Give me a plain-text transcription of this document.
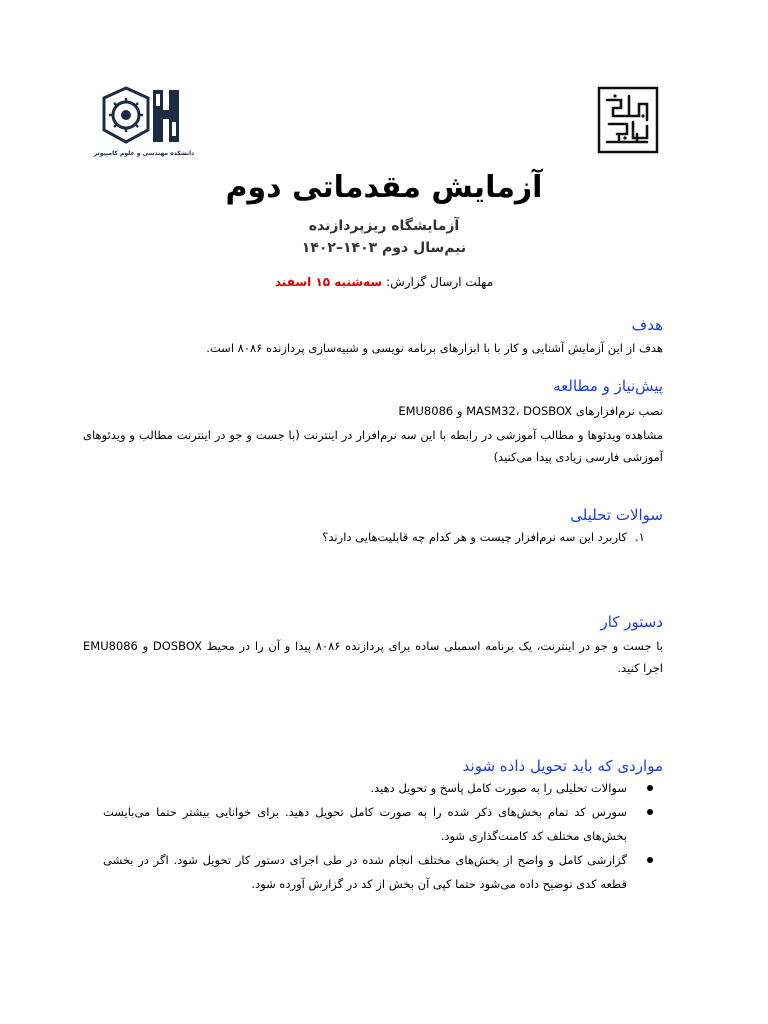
دانشکده مهندسی و علوم کامپیوتر
آزمایش مقدماتی دوم
آزمایشگاه ریزپردازنده
نیم‌سال دوم ۱۴۰۳–۱۴۰۲
مهلت ارسال گزارش: سه‌شنبه ۱۵ اسفند
هدف
هدف از این آزمایش آشنایی و کار با با ابزارهای برنامه نویسی و شبیه‌سازی پردازنده ۸۰۸۶ است.
پیش‌نیاز و مطالعه
نصب نرم‌افزارهای MASM32، DOSBOX و EMU8086
مشاهده ویدئوها و مطالب آموزشی در رابطه با این سه نرم‌افزار در اینترنت (با جست و جو در اینترنت مطالب و ویدئوهای آموزشی فارسی زیادی پیدا می‌کنید)
سوالات تحلیلی
۱.کاربرد این سه نرم‌افزار چیست و هر کدام چه قابلیت‌هایی دارند؟
دستور کار
با جست و جو در اینترنت، یک برنامه اسمبلی ساده برای پردازنده ۸۰۸۶ پیدا و آن را در محیط DOSBOX و EMU8086 اجرا کنید.
مواردی که باید تحویل داده شوند
سوالات تحلیلی را به صورت کامل پاسخ و تحویل دهید.
سورس کد تمام بخش‌های ذکر شده را به صورت کامل تحویل دهید. برای خوانایی بیشتر حتما می‌بایست بخش‌های مختلف کد کامنت‌گذاری شود.
گزارشی کامل و واضح از بخش‌های مختلف انجام شده در طی اجرای دستور کار تحویل شود. اگر در بخشی قطعه کدی توضیح داده می‌شود حتما کپی آن بخش از کد در گزارش آورده شود.
